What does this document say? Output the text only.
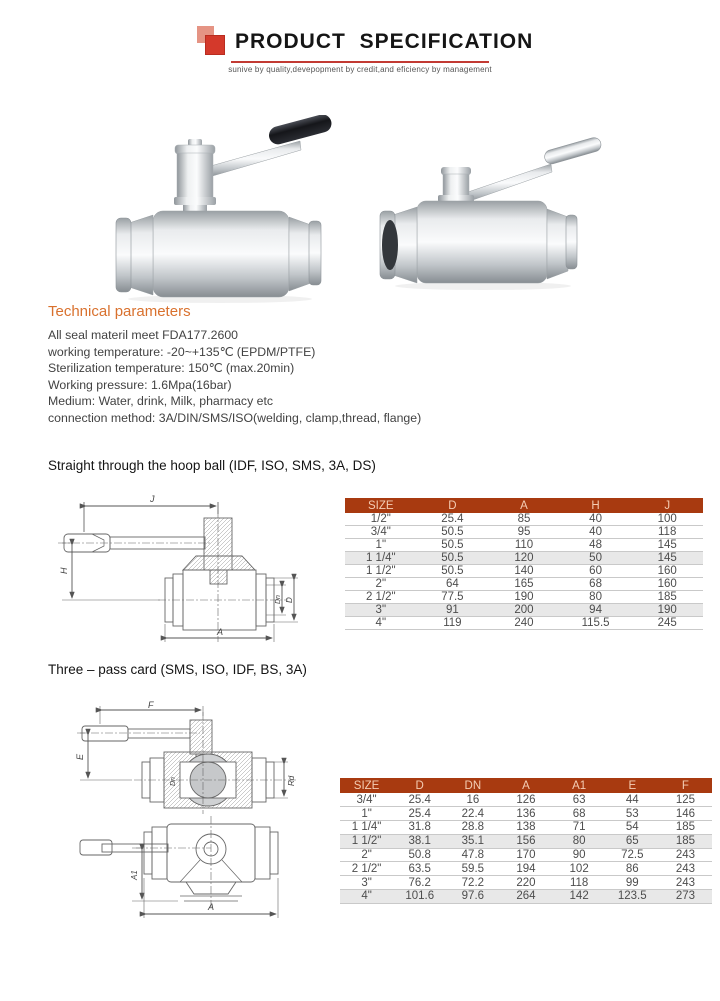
PRODUCT SPECIFICATION
sunive by quality,devepopment by credit,and eficiency by management
Technical parameters
All seal materil meet FDA177.2600
working temperature: -20~+135℃ (EPDM/PTFE)
Sterilization temperature: 150℃ (max.20min)
Working pressure: 1.6Mpa(16bar)
Medium: Water, drink, Milk, pharmacy etc
connection method: 3A/DIN/SMS/ISO(welding, clamp,thread, flange)
Straight through the hoop ball (IDF, ISO, SMS, 3A, DS)
J
H
A
Dn D
SIZE	D	A	H	J
1/2"	25.4	85	40	100
3/4"	50.5	95	40	118
1"	50.5	110	48	145
1 1/4"	50.5	120	50	145
1 1/2"	50.5	140	60	160
2"	64	165	68	160
2 1/2"	77.5	190	80	185
3"	91	200	94	190
4"	119	240	115.5	245
Three – pass card (SMS, ISO, IDF, BS, 3A)
F
E
Dn	Rd
A1
A
SIZE	D	DN	A	A1	E	F
3/4"	25.4	16	126	63	44	125
1"	25.4	22.4	136	68	53	146
1 1/4"	31.8	28.8	138	71	54	185
1 1/2"	38.1	35.1	156	80	65	185
2"	50.8	47.8	170	90	72.5	243
2 1/2"	63.5	59.5	194	102	86	243
3"	76.2	72.2	220	118	99	243
4"	101.6	97.6	264	142	123.5	273
